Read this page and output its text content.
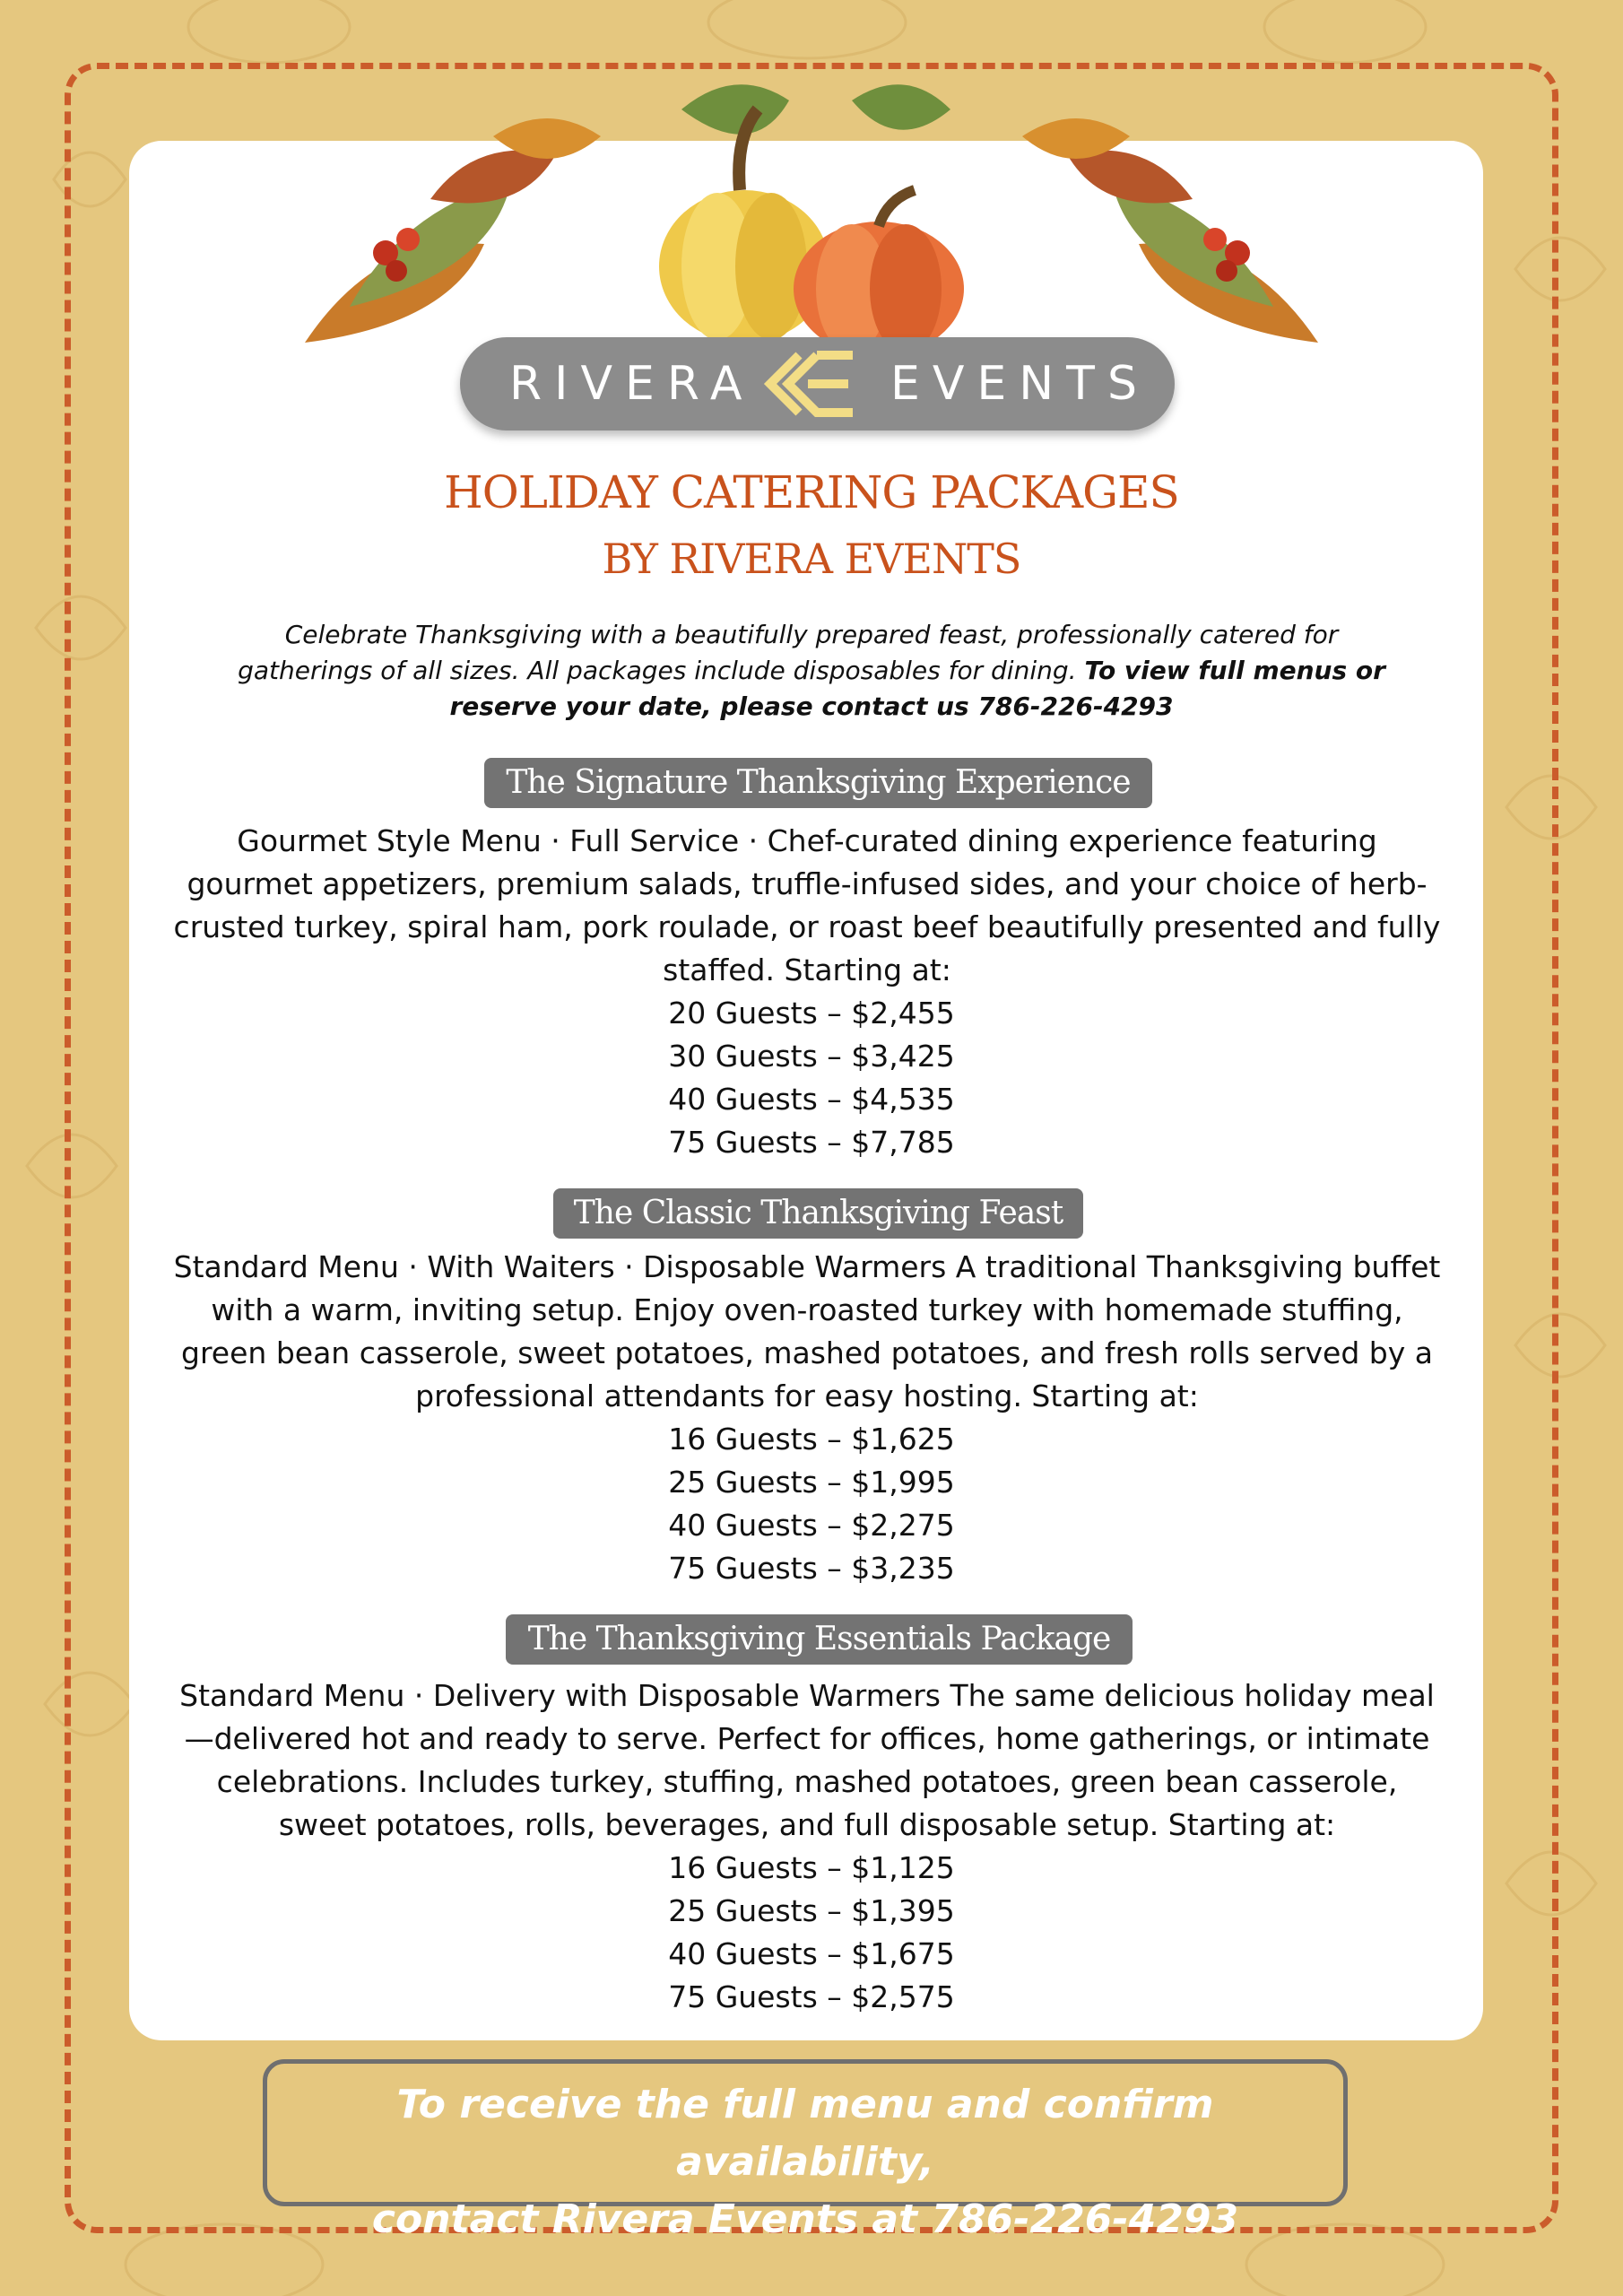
RIVERA	EVENTS
HOLIDAY CATERING PACKAGES
BY RIVERA EVENTS
Celebrate Thanksgiving with a beautifully prepared feast, professionally catered for gatherings of all sizes. All packages include disposables for dining. To view full menus or reserve your date, please contact us 786-226-4293
The Signature Thanksgiving Experience
Gourmet Style Menu · Full Service · Chef-curated dining experience featuring gourmet appetizers, premium salads, truffle-infused sides, and your choice of herb-crusted turkey, spiral ham, pork roulade, or roast beef beautifully presented and fully staffed. Starting at:
20 Guests – $2,455
30 Guests – $3,425
40 Guests – $4,535
75 Guests – $7,785
The Classic Thanksgiving Feast
Standard Menu · With Waiters · Disposable Warmers A traditional Thanksgiving buffet with a warm, inviting setup. Enjoy oven-roasted turkey with homemade stuffing, green bean casserole, sweet potatoes, mashed potatoes, and fresh rolls served by a professional attendants for easy hosting. Starting at:
16 Guests – $1,625
25 Guests – $1,995
40 Guests – $2,275
75 Guests – $3,235
The Thanksgiving Essentials Package
Standard Menu · Delivery with Disposable Warmers The same delicious holiday meal—delivered hot and ready to serve. Perfect for offices, home gatherings, or intimate celebrations. Includes turkey, stuffing, mashed potatoes, green bean casserole, sweet potatoes, rolls, beverages, and full disposable setup. Starting at:
16 Guests – $1,125
25 Guests – $1,395
40 Guests – $1,675
75 Guests – $2,575
To receive the full menu and confirm availability,
contact Rivera Events at 786-226-4293
